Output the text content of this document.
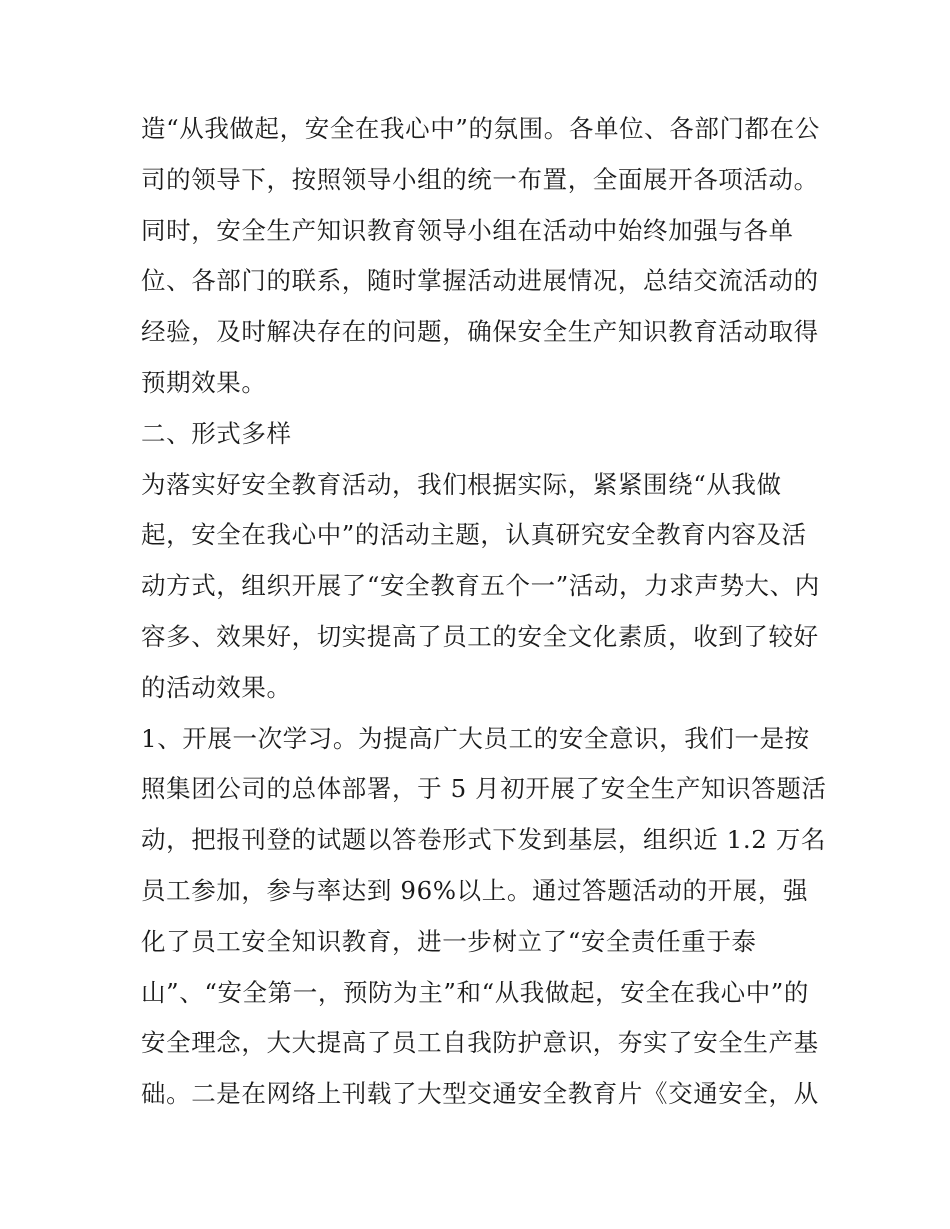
造“从我做起，安全在我心中”的氛围。各单位、各部门都在公
司的领导下，按照领导小组的统一布置，全面展开各项活动。
同时，安全生产知识教育领导小组在活动中始终加强与各单
位、各部门的联系，随时掌握活动进展情况，总结交流活动的
经验，及时解决存在的问题，确保安全生产知识教育活动取得
预期效果。
二、形式多样
为落实好安全教育活动，我们根据实际，紧紧围绕“从我做
起，安全在我心中”的活动主题，认真研究安全教育内容及活
动方式，组织开展了“安全教育五个一”活动，力求声势大、内
容多、效果好，切实提高了员工的安全文化素质，收到了较好
的活动效果。
1、开展一次学习。为提高广大员工的安全意识，我们一是按
照集团公司的总体部署，于 5 月初开展了安全生产知识答题活
动，把报刊登的试题以答卷形式下发到基层，组织近 1.2 万名
员工参加，参与率达到 96%以上。通过答题活动的开展，强
化了员工安全知识教育，进一步树立了“安全责任重于泰
山”、“安全第一，预防为主”和“从我做起，安全在我心中”的
安全理念，大大提高了员工自我防护意识，夯实了安全生产基
础。二是在网络上刊载了大型交通安全教育片《交通安全，从
